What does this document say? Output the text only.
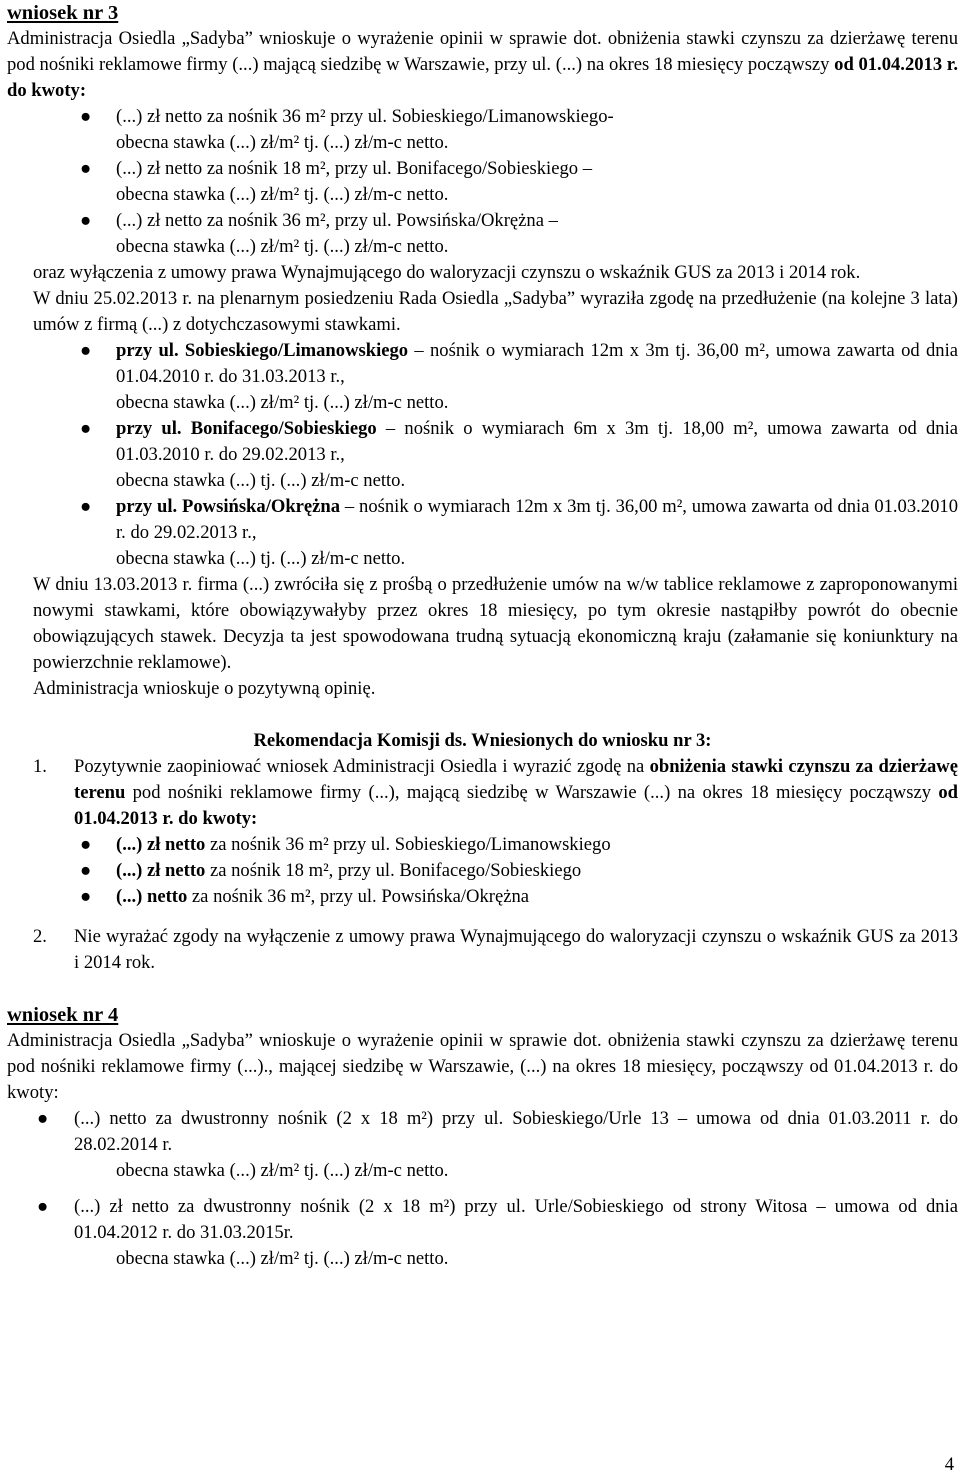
wniosek nr 3

Administracja Osiedla „Sadyba” wnioskuje o wyrażenie opinii w sprawie dot. obniżenia stawki czynszu za dzierżawę terenu pod nośniki reklamowe firmy (...) mającą siedzibę w Warszawie, przy ul. (...) na okres 18 miesięcy począwszy od 01.04.2013 r. do kwoty:

● (...) zł netto za nośnik 36 m² przy ul. Sobieskiego/Limanowskiego-
obecna stawka (...) zł/m² tj. (...) zł/m-c netto.

● (...) zł netto za nośnik 18 m², przy ul. Bonifacego/Sobieskiego –
obecna stawka (...) zł/m² tj. (...) zł/m-c netto.

● (...) zł netto za nośnik 36 m², przy ul. Powsińska/Okrężna –
obecna stawka (...) zł/m² tj. (...) zł/m-c netto.

oraz wyłączenia z umowy prawa Wynajmującego do waloryzacji czynszu o wskaźnik GUS za 2013 i 2014 rok.

W dniu 25.02.2013 r. na plenarnym posiedzeniu Rada Osiedla „Sadyba” wyraziła zgodę na przedłużenie (na kolejne 3 lata) umów z firmą (...) z dotychczasowymi stawkami.

● przy ul. Sobieskiego/Limanowskiego – nośnik o wymiarach 12m x 3m tj. 36,00 m², umowa zawarta od dnia 01.04.2010 r. do 31.03.2013 r.,
obecna stawka (...) zł/m² tj. (...) zł/m-c netto.

● przy ul. Bonifacego/Sobieskiego – nośnik o wymiarach 6m x 3m tj. 18,00 m², umowa zawarta od dnia 01.03.2010 r. do 29.02.2013 r.,
obecna stawka (...) tj. (...) zł/m-c netto.

● przy ul. Powsińska/Okrężna – nośnik o wymiarach 12m x 3m tj. 36,00 m², umowa zawarta od dnia 01.03.2010 r. do 29.02.2013 r.,
obecna stawka (...) tj. (...) zł/m-c netto.

W dniu 13.03.2013 r. firma (...) zwróciła się z prośbą o przedłużenie umów na w/w tablice reklamowe z zaproponowanymi nowymi stawkami, które obowiązywałyby przez okres 18 miesięcy, po tym okresie nastąpiłby powrót do obecnie obowiązujących stawek. Decyzja ta jest spowodowana trudną sytuacją ekonomiczną kraju (załamanie się koniunktury na powierzchnie reklamowe).

Administracja wnioskuje o pozytywną opinię.

Rekomendacja Komisji ds. Wniesionych do wniosku nr 3:

1. Pozytywnie zaopiniować wniosek Administracji Osiedla i wyrazić zgodę na obniżenia stawki czynszu za dzierżawę terenu pod nośniki reklamowe firmy (...), mającą siedzibę w Warszawie (...) na okres 18 miesięcy począwszy od 01.04.2013 r. do kwoty:

● (...) zł netto za nośnik 36 m² przy ul. Sobieskiego/Limanowskiego

● (...) zł netto za nośnik 18 m², przy ul. Bonifacego/Sobieskiego

● (...) netto za nośnik 36 m², przy ul. Powsińska/Okrężna

2. Nie wyrażać zgody na wyłączenie z umowy prawa Wynajmującego do waloryzacji czynszu o wskaźnik GUS za 2013 i 2014 rok.

wniosek nr 4

Administracja Osiedla „Sadyba” wnioskuje o wyrażenie opinii w sprawie dot. obniżenia stawki czynszu za dzierżawę terenu pod nośniki reklamowe firmy (...)., mającej siedzibę w Warszawie, (...) na okres 18 miesięcy, począwszy od 01.04.2013 r. do kwoty:

● (...) netto za dwustronny nośnik (2 x 18 m²) przy ul. Sobieskiego/Urle 13 – umowa od dnia 01.03.2011 r. do 28.02.2014 r.
obecna stawka (...) zł/m² tj. (...) zł/m-c netto.

● (...) zł netto za dwustronny nośnik (2 x 18 m²) przy ul. Urle/Sobieskiego od strony Witosa – umowa od dnia 01.04.2012 r. do 31.03.2015r.
obecna stawka (...) zł/m² tj. (...) zł/m-c netto.

4
